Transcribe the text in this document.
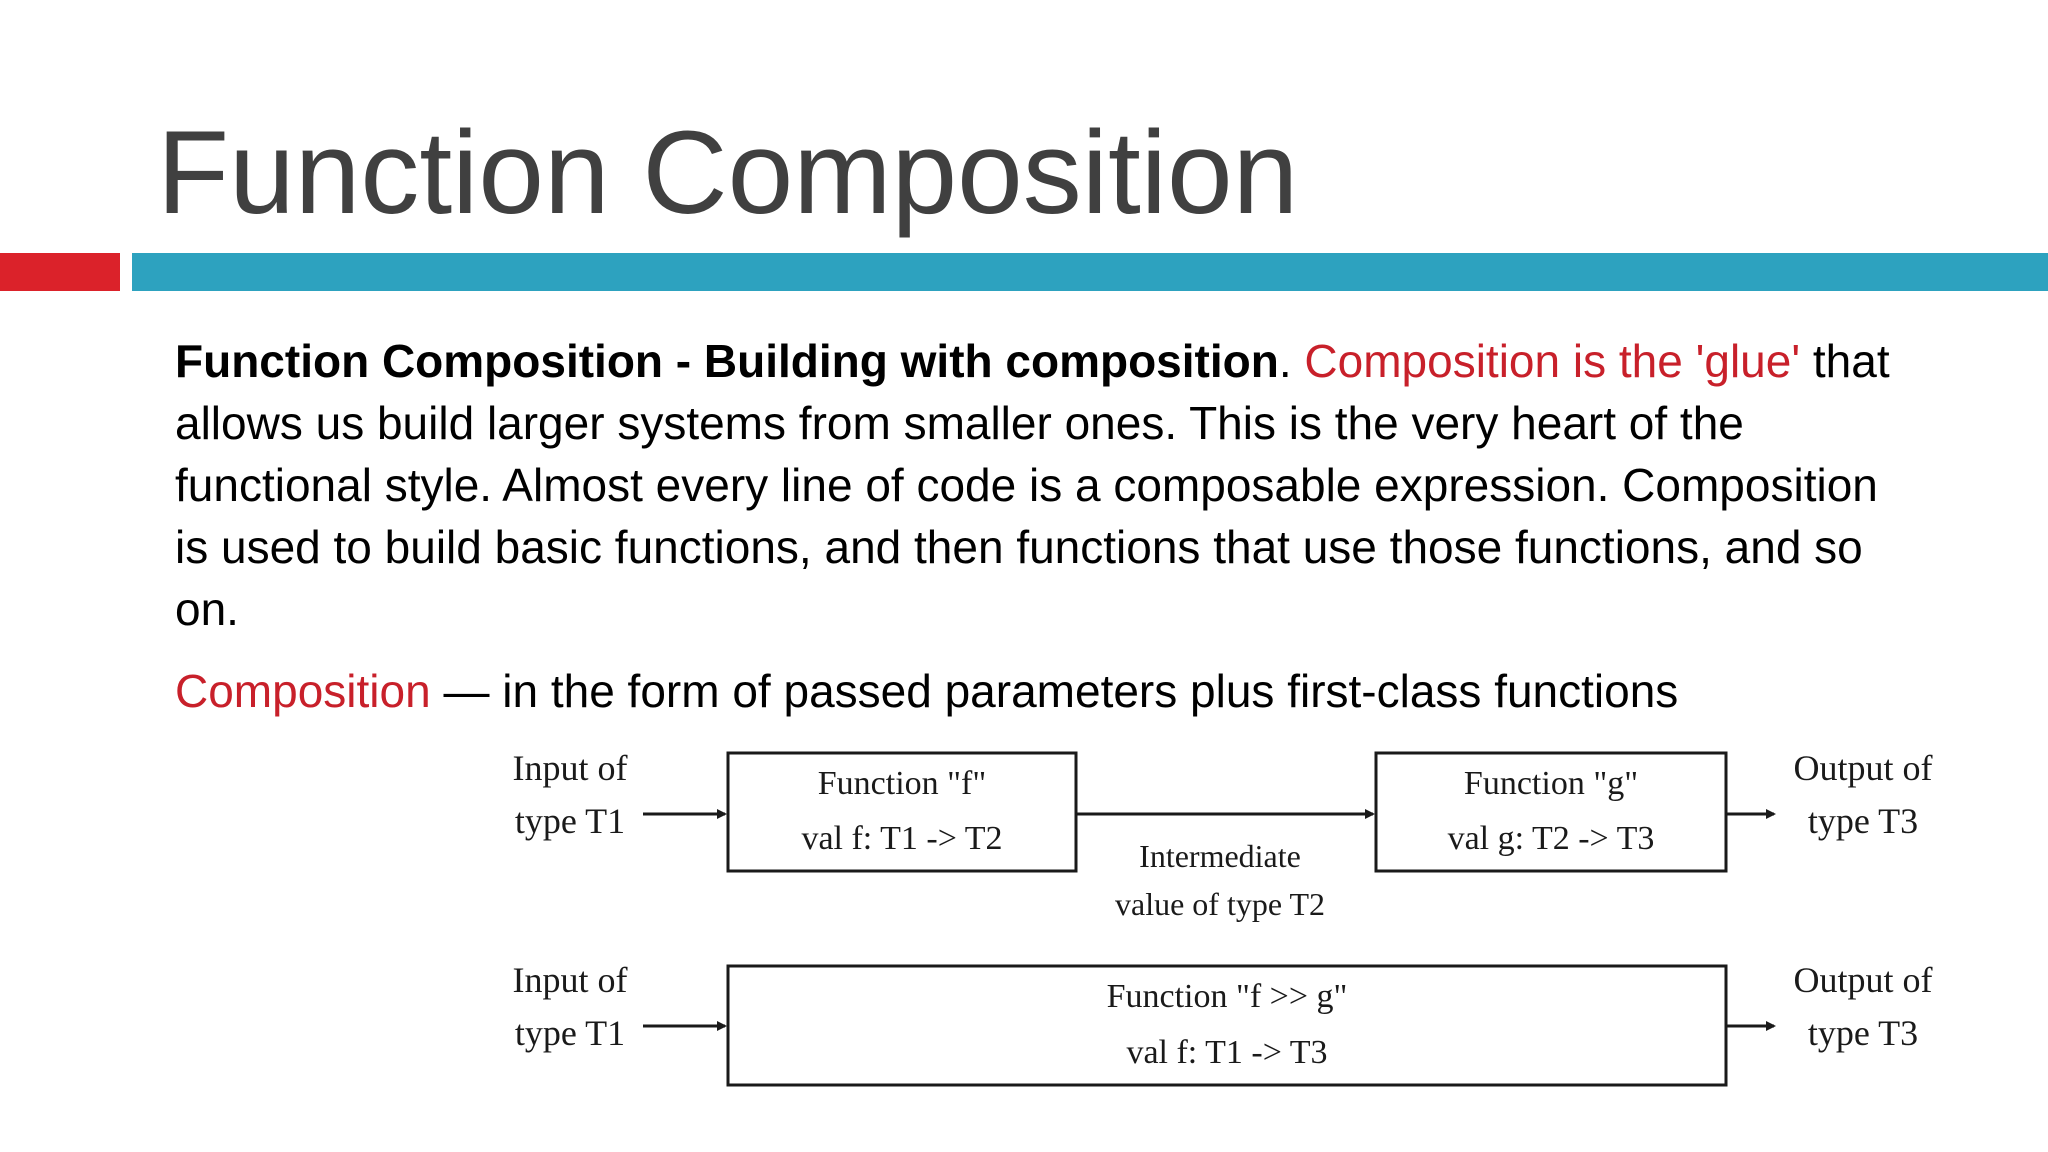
Function Composition

Function Composition - Building with composition. Composition is the 'glue' that allows us build larger systems from smaller ones. This is the very heart of the functional style. Almost every line of code is a composable expression. Composition is used to build basic functions, and then functions that use those functions, and so on.

Composition — in the form of passed parameters plus first-class functions

Input of
type T1
Function "f"
val f: T1 -> T2	Intermediate
value of type T2
Function "g"
val g: T2 -> T3
Output of
type T3
Input of
type T1
Function "f >> g"
val f: T1 -> T3
Output of
type T3
